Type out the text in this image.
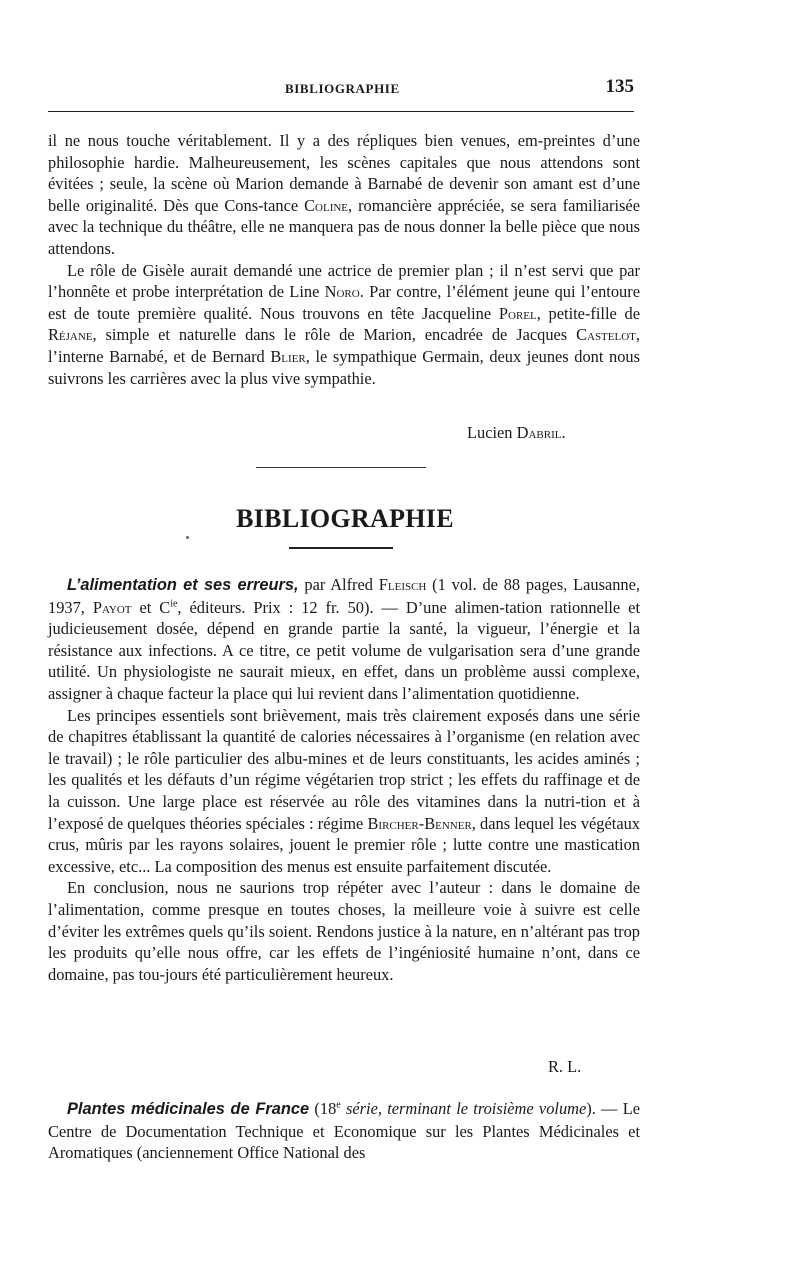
BIBLIOGRAPHIE	135

il ne nous touche véritablement. Il y a des répliques bien venues, em-preintes d’une philosophie hardie. Malheureusement, les scènes capitales que nous attendons sont évitées ; seule, la scène où Marion demande à Barnabé de devenir son amant est d’une belle originalité. Dès que Cons-tance Coline, romancière appréciée, se sera familiarisée avec la technique du théâtre, elle ne manquera pas de nous donner la belle pièce que nous attendons.

Le rôle de Gisèle aurait demandé une actrice de premier plan ; il n’est servi que par l’honnête et probe interprétation de Line Noro. Par contre, l’élément jeune qui l’entoure est de toute première qualité. Nous trouvons en tête Jacqueline Porel, petite-fille de Réjane, simple et naturelle dans le rôle de Marion, encadrée de Jacques Castelot, l’interne Barnabé, et de Bernard Blier, le sympathique Germain, deux jeunes dont nous suivrons les carrières avec la plus vive sympathie.

Lucien Dabril.
BIBLIOGRAPHIE

L’alimentation et ses erreurs, par Alfred Fleisch (1 vol. de 88 pages, Lausanne, 1937, Payot et $C^{ie}$, éditeurs. Prix : 12 fr. 50). — D’une alimen-tation rationnelle et judicieusement dosée, dépend en grande partie la santé, la vigueur, l’énergie et la résistance aux infections. A ce titre, ce petit volume de vulgarisation sera d’une grande utilité. Un physiologiste ne saurait mieux, en effet, dans un problème aussi complexe, assigner à chaque facteur la place qui lui revient dans l’alimentation quotidienne.

Les principes essentiels sont brièvement, mais très clairement exposés dans une série de chapitres établissant la quantité de calories nécessaires à l’organisme (en relation avec le travail) ; le rôle particulier des albu-mines et de leurs constituants, les acides aminés ; les qualités et les défauts d’un régime végétarien trop strict ; les effets du raffinage et de la cuisson. Une large place est réservée au rôle des vitamines dans la nutri-tion et à l’exposé de quelques théories spéciales : régime Bircher-Benner, dans lequel les végétaux crus, mûris par les rayons solaires, jouent le premier rôle ; lutte contre une mastication excessive, etc... La composition des menus est ensuite parfaitement discutée.

En conclusion, nous ne saurions trop répéter avec l’auteur : dans le domaine de l’alimentation, comme presque en toutes choses, la meilleure voie à suivre est celle d’éviter les extrêmes quels qu’ils soient. Rendons justice à la nature, en n’altérant pas trop les produits qu’elle nous offre, car les effets de l’ingéniosité humaine n’ont, dans ce domaine, pas tou-jours été particulièrement heureux.

R. L.

Plantes médicinales de France (18e série, terminant le troisième volume). — Le Centre de Documentation Technique et Economique sur les Plantes Médicinales et Aromatiques (anciennement Office National des
